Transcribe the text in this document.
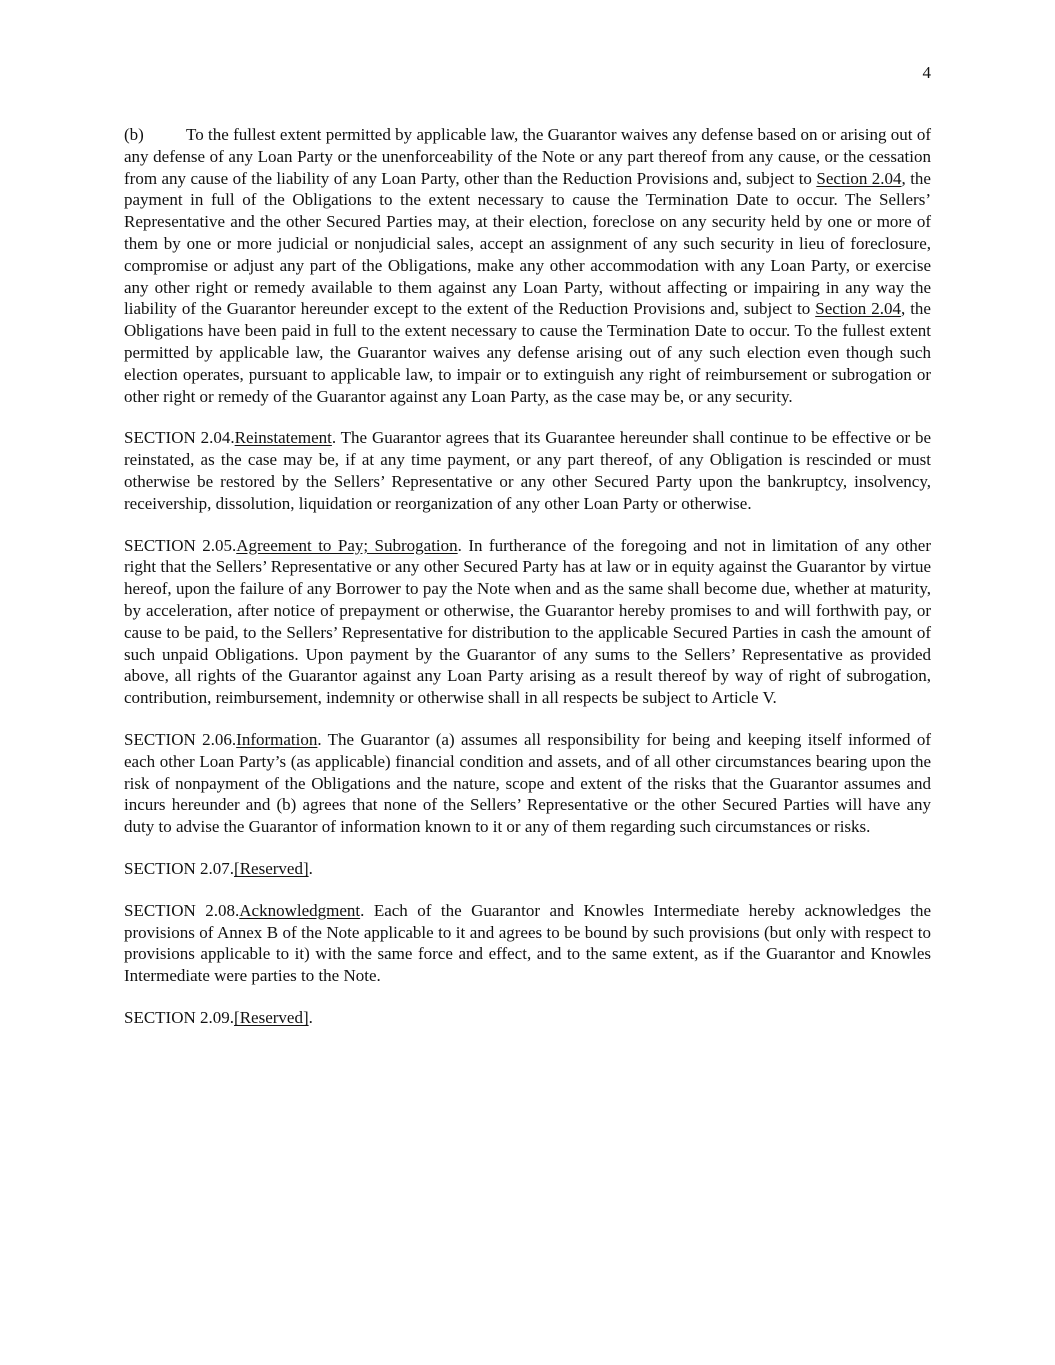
4

(b) To the fullest extent permitted by applicable law, the Guarantor waives any defense based on or arising out of any defense of any Loan Party or the unenforceability of the Note or any part thereof from any cause, or the cessation from any cause of the liability of any Loan Party, other than the Reduction Provisions and, subject to Section 2.04, the payment in full of the Obligations to the extent necessary to cause the Termination Date to occur. The Sellers’ Representative and the other Secured Parties may, at their election, foreclose on any security held by one or more of them by one or more judicial or nonjudicial sales, accept an assignment of any such security in lieu of foreclosure, compromise or adjust any part of the Obligations, make any other accommodation with any Loan Party, or exercise any other right or remedy available to them against any Loan Party, without affecting or impairing in any way the liability of the Guarantor hereunder except to the extent of the Reduction Provisions and, subject to Section 2.04, the Obligations have been paid in full to the extent necessary to cause the Termination Date to occur. To the fullest extent permitted by applicable law, the Guarantor waives any defense arising out of any such election even though such election operates, pursuant to applicable law, to impair or to extinguish any right of reimbursement or subrogation or other right or remedy of the Guarantor against any Loan Party, as the case may be, or any security.

SECTION 2.04.Reinstatement. The Guarantor agrees that its Guarantee hereunder shall continue to be effective or be reinstated, as the case may be, if at any time payment, or any part thereof, of any Obligation is rescinded or must otherwise be restored by the Sellers’ Representative or any other Secured Party upon the bankruptcy, insolvency, receivership, dissolution, liquidation or reorganization of any other Loan Party or otherwise.

SECTION 2.05.Agreement to Pay; Subrogation. In furtherance of the foregoing and not in limitation of any other right that the Sellers’ Representative or any other Secured Party has at law or in equity against the Guarantor by virtue hereof, upon the failure of any Borrower to pay the Note when and as the same shall become due, whether at maturity, by acceleration, after notice of prepayment or otherwise, the Guarantor hereby promises to and will forthwith pay, or cause to be paid, to the Sellers’ Representative for distribution to the applicable Secured Parties in cash the amount of such unpaid Obligations. Upon payment by the Guarantor of any sums to the Sellers’ Representative as provided above, all rights of the Guarantor against any Loan Party arising as a result thereof by way of right of subrogation, contribution, reimbursement, indemnity or otherwise shall in all respects be subject to Article V.

SECTION 2.06.Information. The Guarantor (a) assumes all responsibility for being and keeping itself informed of each other Loan Party’s (as applicable) financial condition and assets, and of all other circumstances bearing upon the risk of nonpayment of the Obligations and the nature, scope and extent of the risks that the Guarantor assumes and incurs hereunder and (b) agrees that none of the Sellers’ Representative or the other Secured Parties will have any duty to advise the Guarantor of information known to it or any of them regarding such circumstances or risks.

SECTION 2.07.[Reserved].

SECTION 2.08.Acknowledgment. Each of the Guarantor and Knowles Intermediate hereby acknowledges the provisions of Annex B of the Note applicable to it and agrees to be bound by such provisions (but only with respect to provisions applicable to it) with the same force and effect, and to the same extent, as if the Guarantor and Knowles Intermediate were parties to the Note.

SECTION 2.09.[Reserved].
